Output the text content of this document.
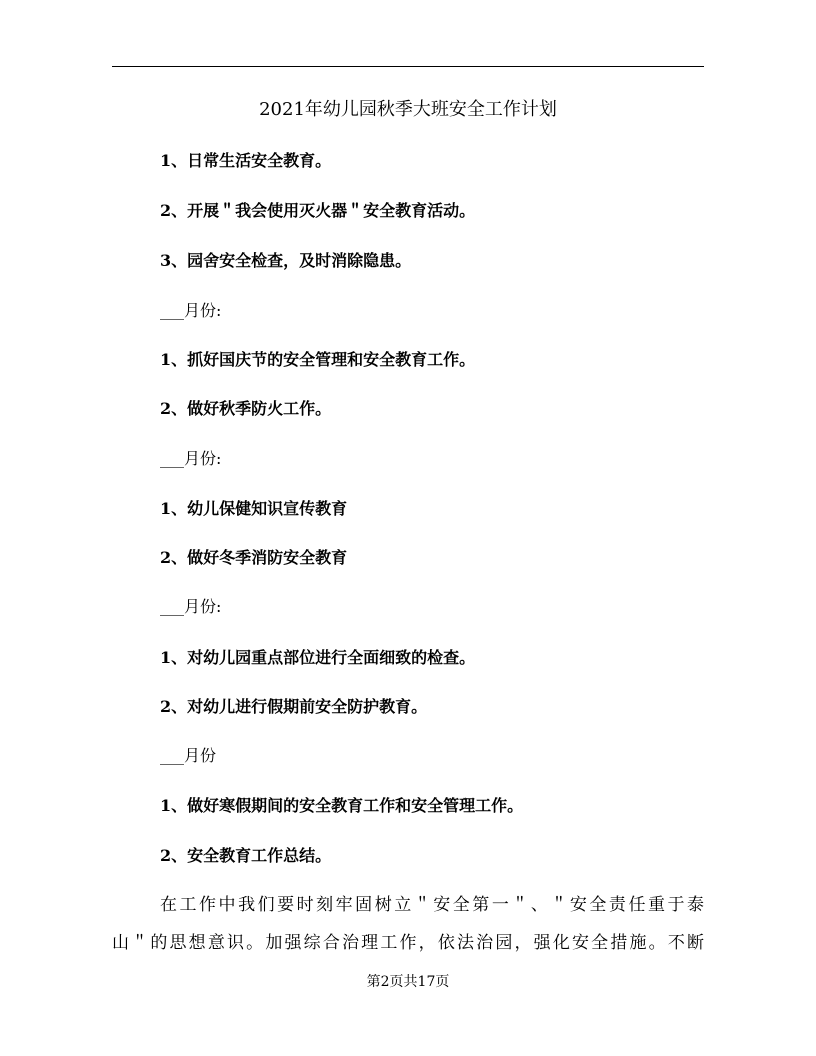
2021年幼儿园秋季大班安全工作计划
1、日常生活安全教育。
2、开展＂我会使用灭火器＂安全教育活动。
3、园舍安全检查，及时消除隐患。
___月份:
1、抓好国庆节的安全管理和安全教育工作。
2、做好秋季防火工作。
___月份:
1、幼儿保健知识宣传教育
2、做好冬季消防安全教育
___月份:
1、对幼儿园重点部位进行全面细致的检查。
2、对幼儿进行假期前安全防护教育。
___月份
1、做好寒假期间的安全教育工作和安全管理工作。
2、安全教育工作总结。
在工作中我们要时刻牢固树立＂安全第一＂、＂安全责任重于泰
山＂的思想意识。加强综合治理工作，依法治园，强化安全措施。不断
第2页共17页
